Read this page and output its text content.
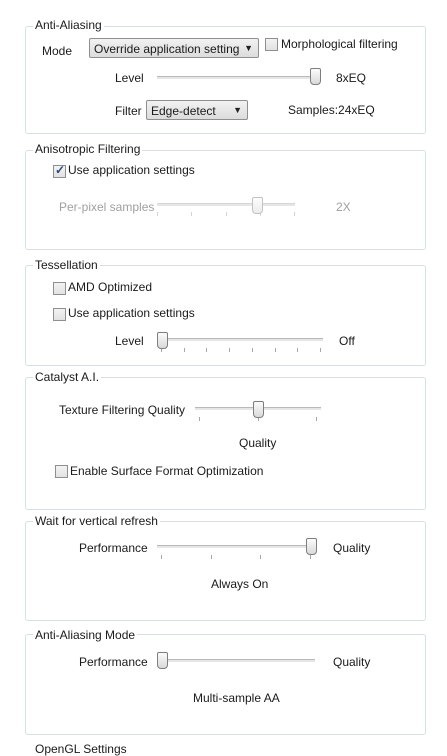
Anti-Aliasing
Mode Override application setting ▼ Morphological filtering
Level	8xEQ
Filter Edge-detect ▼	Samples:24xEQ
Anisotropic Filtering
✓ Use application settings
Per-pixel samples	2X
Tessellation
AMD Optimized
Use application settings
Level	Off
Catalyst A.I.
Texture Filtering Quality
Quality
Enable Surface Format Optimization
Wait for vertical refresh
Performance	Quality
Always On
Anti-Aliasing Mode
Performance	Quality
Multi-sample AA
OpenGL Settings
